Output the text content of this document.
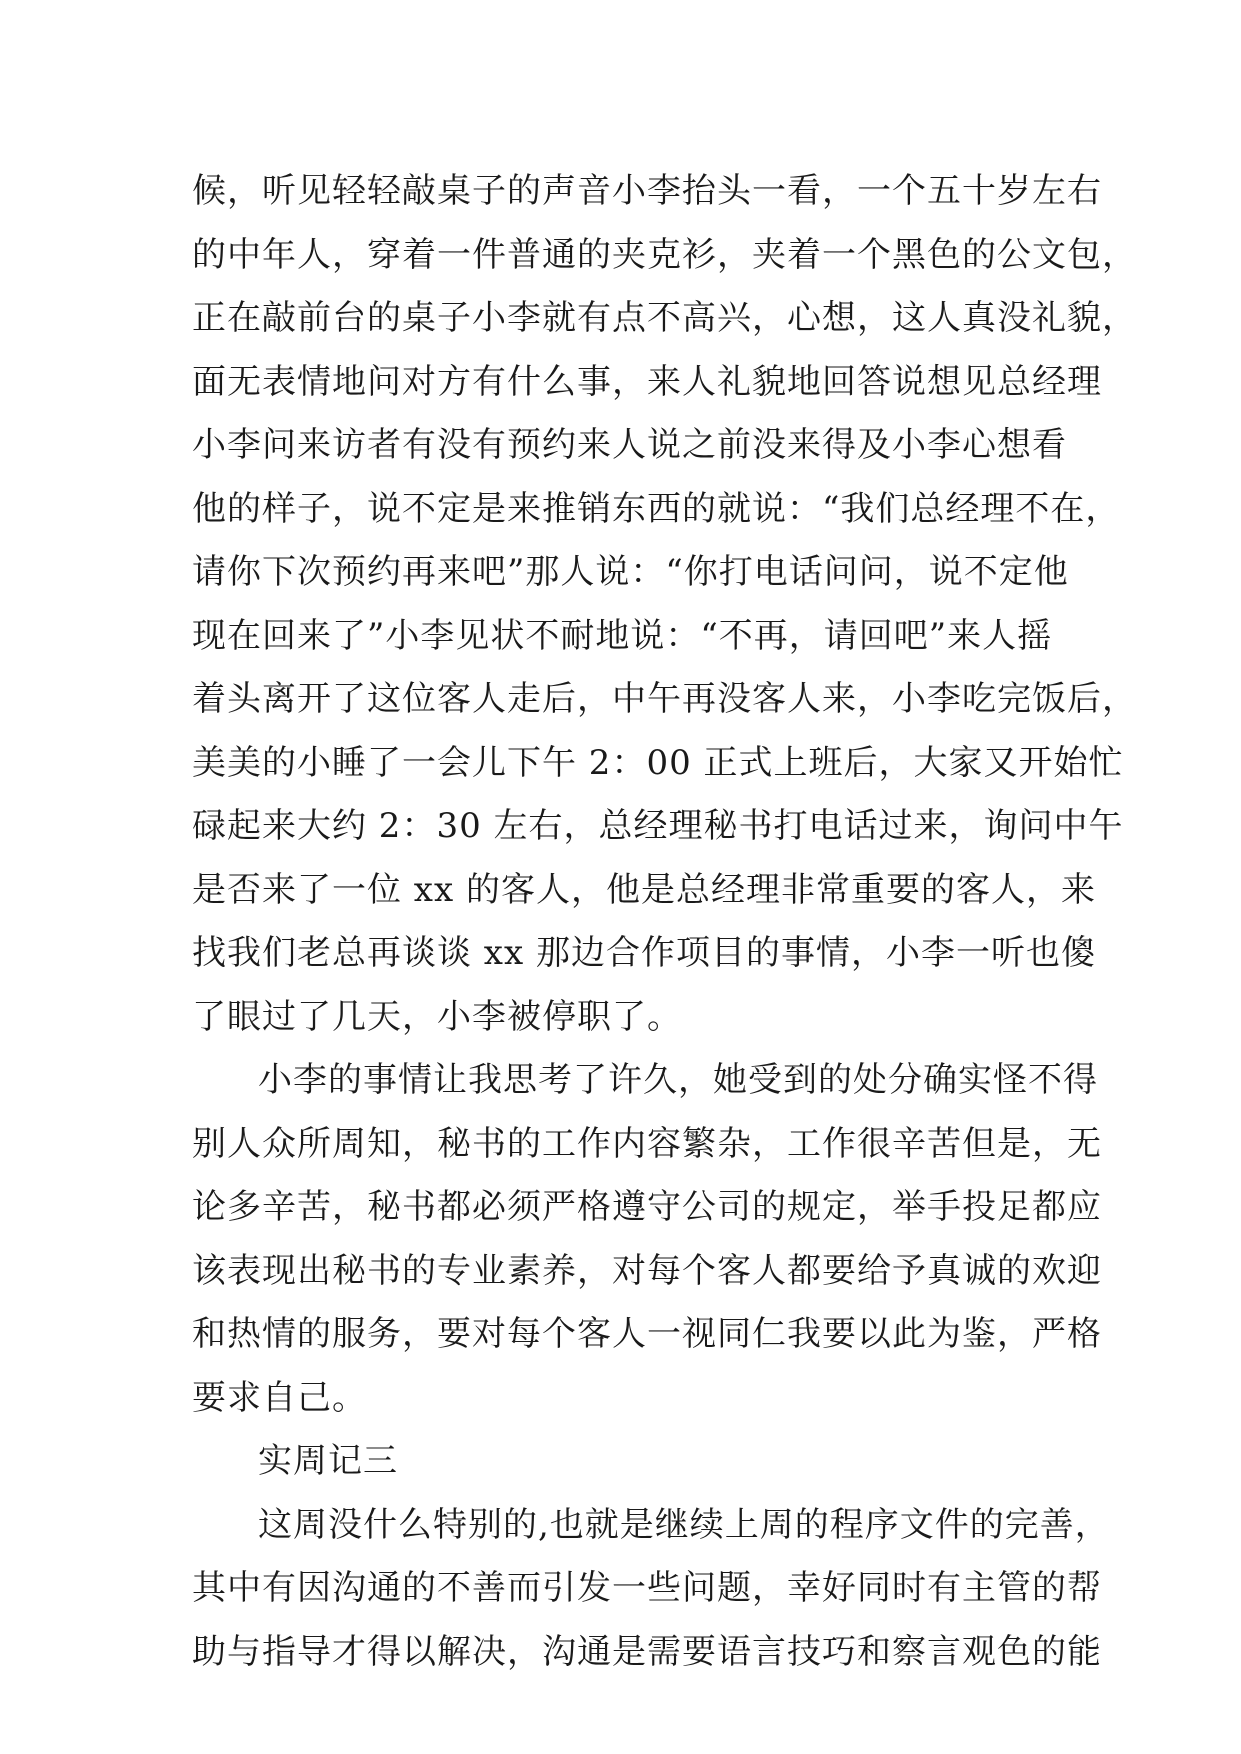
候，听见轻轻敲桌子的声音小李抬头一看，一个五十岁左右
的中年人，穿着一件普通的夹克衫，夹着一个黑色的公文包，
正在敲前台的桌子小李就有点不高兴，心想，这人真没礼貌，
面无表情地问对方有什么事，来人礼貌地回答说想见总经理
小李问来访者有没有预约来人说之前没来得及小李心想看
他的样子，说不定是来推销东西的就说：“我们总经理不在，
请你下次预约再来吧”那人说：“你打电话问问，说不定他
现在回来了”小李见状不耐地说：“不再，请回吧”来人摇
着头离开了这位客人走后，中午再没客人来，小李吃完饭后，
美美的小睡了一会儿下午 2：00 正式上班后，大家又开始忙
碌起来大约 2：30 左右，总经理秘书打电话过来，询问中午
是否来了一位 xx 的客人，他是总经理非常重要的客人，来
找我们老总再谈谈 xx 那边合作项目的事情，小李一听也傻
了眼过了几天，小李被停职了。
小李的事情让我思考了许久，她受到的处分确实怪不得
别人众所周知，秘书的工作内容繁杂，工作很辛苦但是，无
论多辛苦，秘书都必须严格遵守公司的规定，举手投足都应
该表现出秘书的专业素养，对每个客人都要给予真诚的欢迎
和热情的服务，要对每个客人一视同仁我要以此为鉴，严格
要求自己。
实周记三
这周没什么特别的,也就是继续上周的程序文件的完善，
其中有因沟通的不善而引发一些问题，幸好同时有主管的帮
助与指导才得以解决，沟通是需要语言技巧和察言观色的能
